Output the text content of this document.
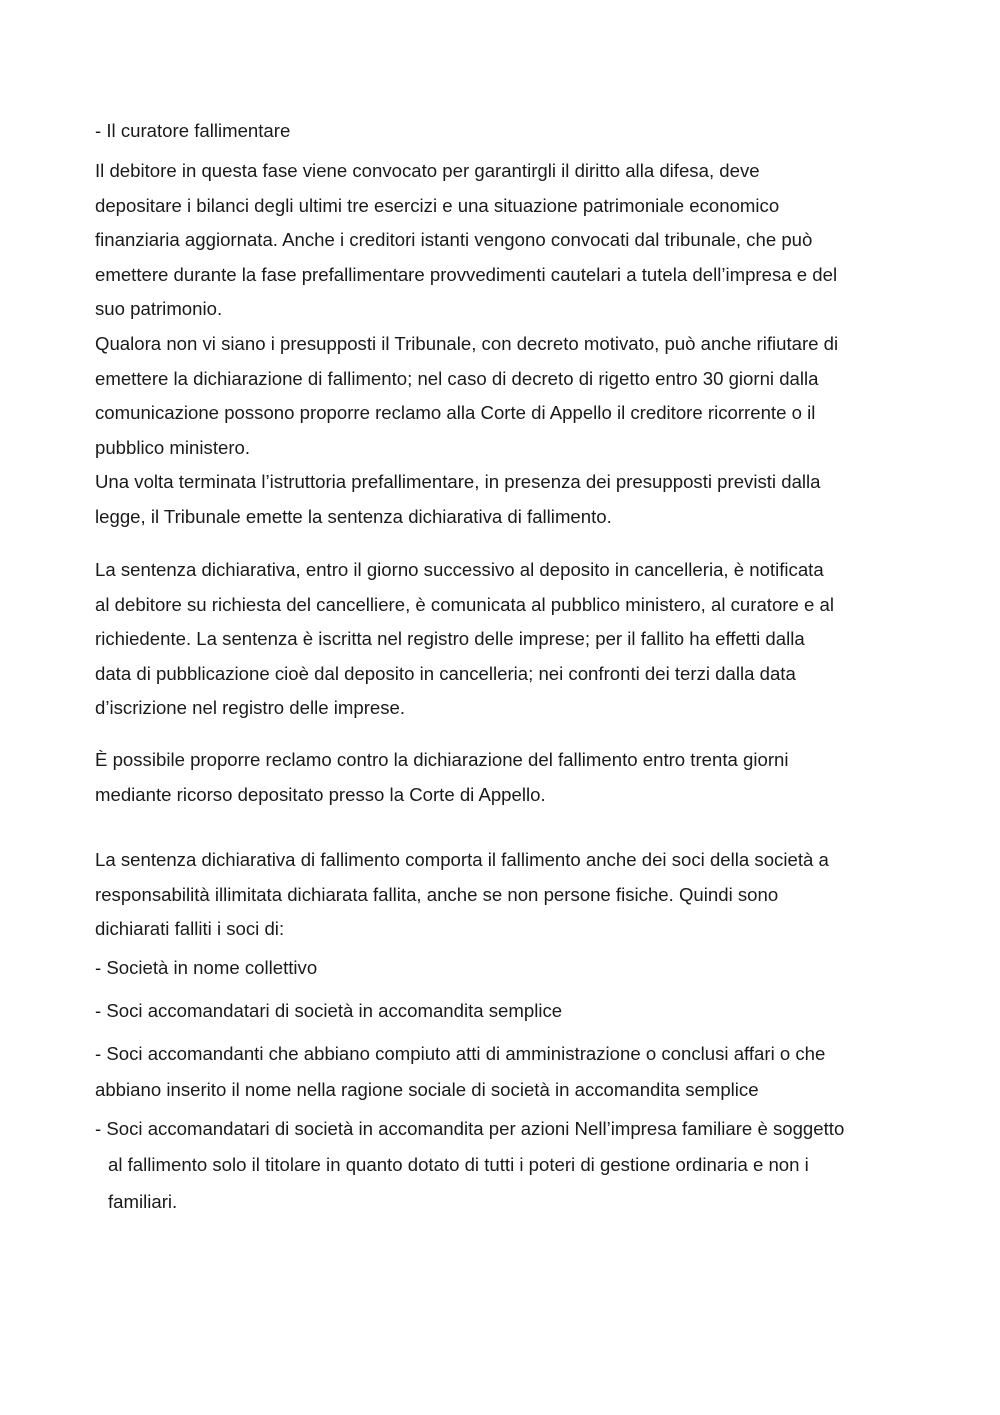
- Il curatore fallimentare

Il debitore in questa fase viene convocato per garantirgli il diritto alla difesa, deve
depositare i bilanci degli ultimi tre esercizi e una situazione patrimoniale economico
finanziaria aggiornata. Anche i creditori istanti vengono convocati dal tribunale, che può
emettere durante la fase prefallimentare provvedimenti cautelari a tutela dell’impresa e del
suo patrimonio.
Qualora non vi siano i presupposti il Tribunale, con decreto motivato, può anche rifiutare di
emettere la dichiarazione di fallimento; nel caso di decreto di rigetto entro 30 giorni dalla
comunicazione possono proporre reclamo alla Corte di Appello il creditore ricorrente o il
pubblico ministero.
Una volta terminata l’istruttoria prefallimentare, in presenza dei presupposti previsti dalla
legge, il Tribunale emette la sentenza dichiarativa di fallimento.

La sentenza dichiarativa, entro il giorno successivo al deposito in cancelleria, è notificata
al debitore su richiesta del cancelliere, è comunicata al pubblico ministero, al curatore e al
richiedente. La sentenza è iscritta nel registro delle imprese; per il fallito ha effetti dalla
data di pubblicazione cioè dal deposito in cancelleria; nei confronti dei terzi dalla data
d’iscrizione nel registro delle imprese.

È possibile proporre reclamo contro la dichiarazione del fallimento entro trenta giorni
mediante ricorso depositato presso la Corte di Appello.

La sentenza dichiarativa di fallimento comporta il fallimento anche dei soci della società a
responsabilità illimitata dichiarata fallita, anche se non persone fisiche. Quindi sono
dichiarati falliti i soci di:

- Società in nome collettivo

- Soci accomandatari di società in accomandita semplice

- Soci accomandanti che abbiano compiuto atti di amministrazione o conclusi affari o che
abbiano inserito il nome nella ragione sociale di società in accomandita semplice

- Soci accomandatari di società in accomandita per azioni Nell’impresa familiare è soggetto
al fallimento solo il titolare in quanto dotato di tutti i poteri di gestione ordinaria e non i
familiari.
